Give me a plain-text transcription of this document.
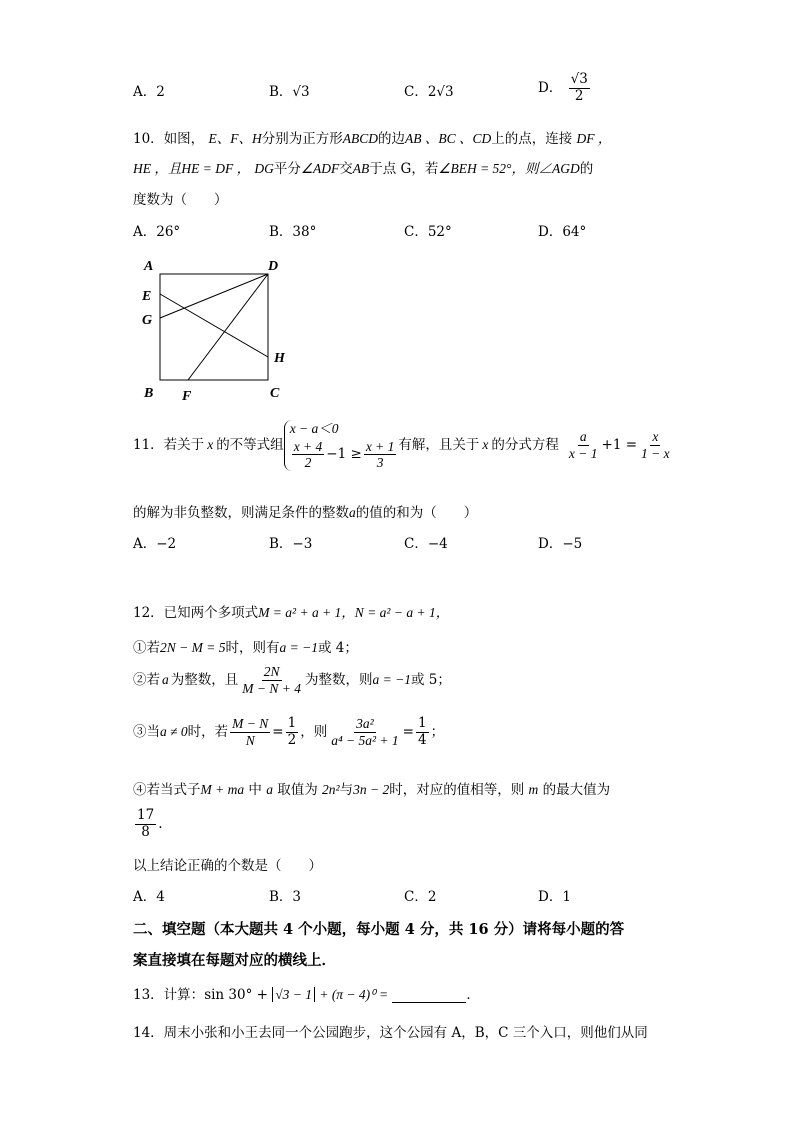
A．2	B．√3	C．2√3	D． $\frac{√3}{2}$
10．如图， E、F、H分别为正方形ABCD的边AB 、BC 、CD上的点，连接 DF ，
HE ，且HE = DF ， DG平分∠ADF交AB于点 G，若∠BEH = 52°，则∠AGD的
度数为（　　）
A．26°	B．38°	C．52°	D．64°
A	D
E
G
H
B F	C
11．若关于 x 的不等式组
x − a＜0
$\frac{x + 4}{2} -1 \ge \frac{x + 1}{3}$ 有解，且关于 x 的分式方程 $\frac{a}{x - 1} +1 = \frac{x}{1 - x}$
的解为非负整数，则满足条件的整数a的值的和为（　　）
A．−2	B．−3	C．−4	D．−5
12．已知两个多项式M = a² + a + 1，N = a² − a + 1，
①若2N − M = 5时，则有a = −1或 4；
②若 a 为整数，且 $\frac{2N}{M - N + 4}$ 为整数，则 a = −1 或 5；
③当 a ≠ 0 时，若 $\frac{M - N}{N} = \frac{1}{2}$ ，则 $\frac{\text{3a²}}{\text{a⁴ − 5a² + 1}} = \frac{1}{4}$ ；
④若当式子M + ma 中 a 取值为 2n²与3n − 2时，对应的值相等，则 m 的最大值为
$\frac{17}{8}$ .
以上结论正确的个数是（　　）
A．4	B．3	C．2	D．1
二、填空题（本大题共 4 个小题，每小题 4 分，共 16 分）请将每小题的答
案直接填在每题对应的横线上．
13．计算：sin 30° + √3 − 1 + (π − 4)⁰ =	．
14．周末小张和小王去同一个公园跑步，这个公园有 A，B，C 三个入口，则他们从同
